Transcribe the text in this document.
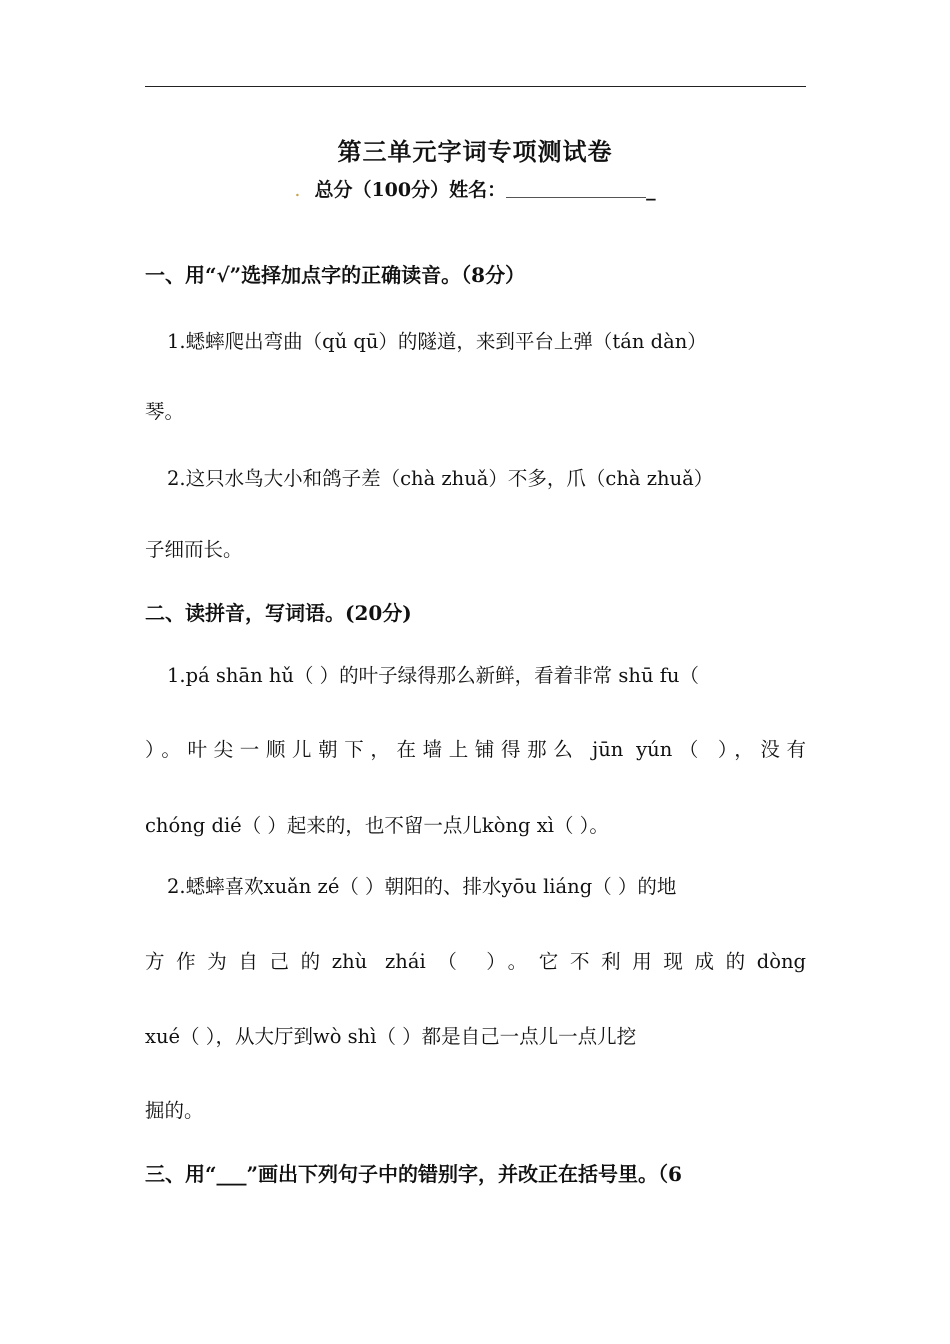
第三单元字词专项测试卷
. 总分（100分）姓名：	_
一、用“√”选择加点字的正确读音。（8分）
1.蟋蟀爬出弯曲（qǔ qū）的隧道，来到平台上弹（tán dàn）
琴。
2.这只水鸟大小和鸽子差（chà zhuǎ）不多，爪（chà zhuǎ）
子细而长。
二、读拼音，写词语。(20分)
1.pá shān hǔ（ ）的叶子绿得那么新鲜，看着非常 shū fu（
）。叶尖一顺儿朝下，在墙上铺得那么 jūn yún（ ），没有
chóng dié（ ）起来的，也不留一点儿kòng xì（ ）。
2.蟋蟀喜欢xuǎn zé（ ）朝阳的、排水yōu liáng（ ）的地
方作为自己的zhù zhái（ ）。它不利用现成的dòng
xué（ ），从大厅到wò shì（ ）都是自己一点儿一点儿挖
掘的。
三、用“___”画出下列句子中的错别字，并改正在括号里。（6
